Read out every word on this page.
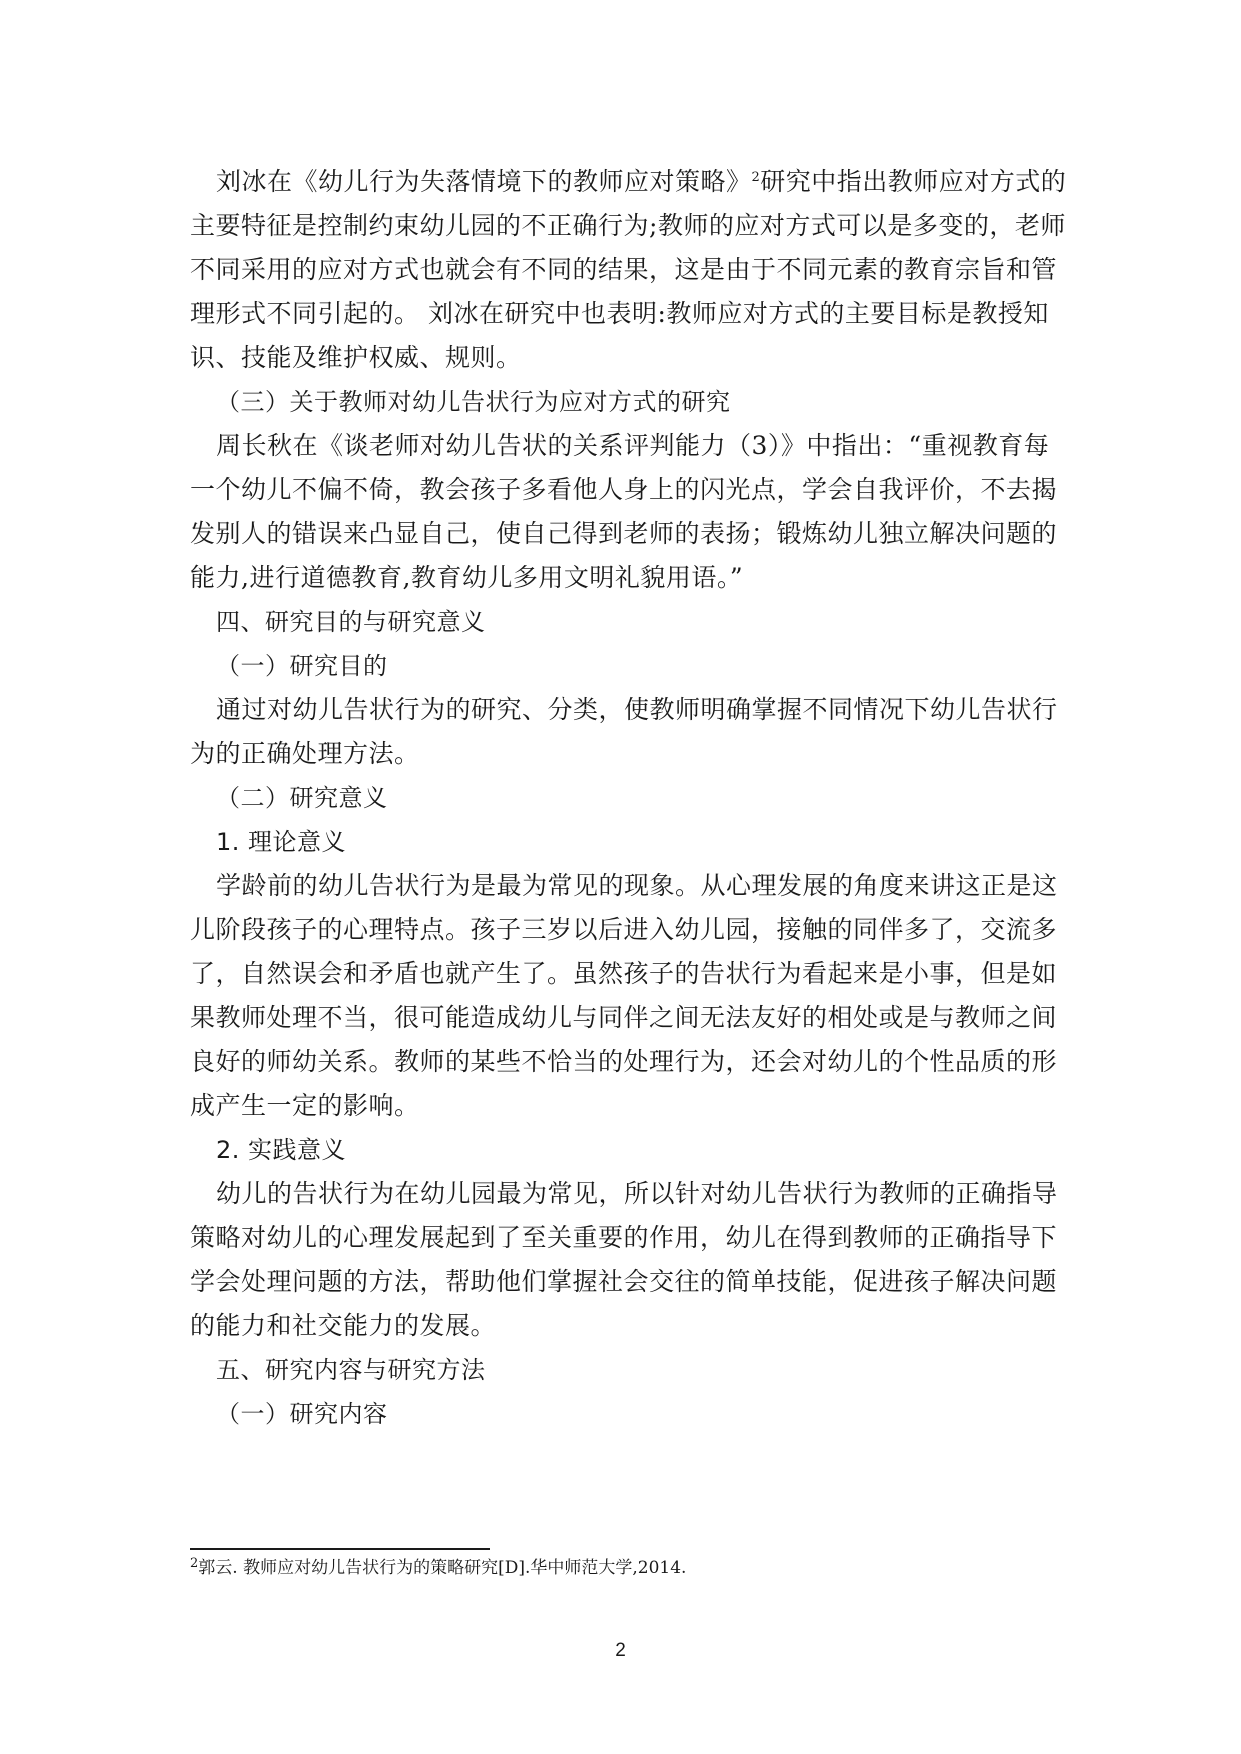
刘冰在《幼儿行为失落情境下的教师应对策略》$^2$研究中指出教师应对方式的
主要特征是控制约束幼儿园的不正确行为;教师的应对方式可以是多变的，老师
不同采用的应对方式也就会有不同的结果，这是由于不同元素的教育宗旨和管
理形式不同引起的。 刘冰在研究中也表明:教师应对方式的主要目标是教授知
识、技能及维护权威、规则。
（三）关于教师对幼儿告状行为应对方式的研究
周长秋在《谈老师对幼儿告状的关系评判能力（3）》中指出：“重视教育每
一个幼儿不偏不倚，教会孩子多看他人身上的闪光点，学会自我评价，不去揭
发别人的错误来凸显自己，使自己得到老师的表扬；锻炼幼儿独立解决问题的
能力,进行道德教育,教育幼儿多用文明礼貌用语。”
四、研究目的与研究意义
（一）研究目的
通过对幼儿告状行为的研究、分类，使教师明确掌握不同情况下幼儿告状行
为的正确处理方法。
（二）研究意义
1. 理论意义
学龄前的幼儿告状行为是最为常见的现象。从心理发展的角度来讲这正是这
儿阶段孩子的心理特点。孩子三岁以后进入幼儿园，接触的同伴多了，交流多
了，自然误会和矛盾也就产生了。虽然孩子的告状行为看起来是小事，但是如
果教师处理不当，很可能造成幼儿与同伴之间无法友好的相处或是与教师之间
良好的师幼关系。教师的某些不恰当的处理行为，还会对幼儿的个性品质的形
成产生一定的影响。
2. 实践意义
幼儿的告状行为在幼儿园最为常见，所以针对幼儿告状行为教师的正确指导
策略对幼儿的心理发展起到了至关重要的作用，幼儿在得到教师的正确指导下
学会处理问题的方法，帮助他们掌握社会交往的简单技能，促进孩子解决问题
的能力和社交能力的发展。
五、研究内容与研究方法
（一）研究内容
$^2$郭云. 教师应对幼儿告状行为的策略研究[D].华中师范大学,2014.
2
